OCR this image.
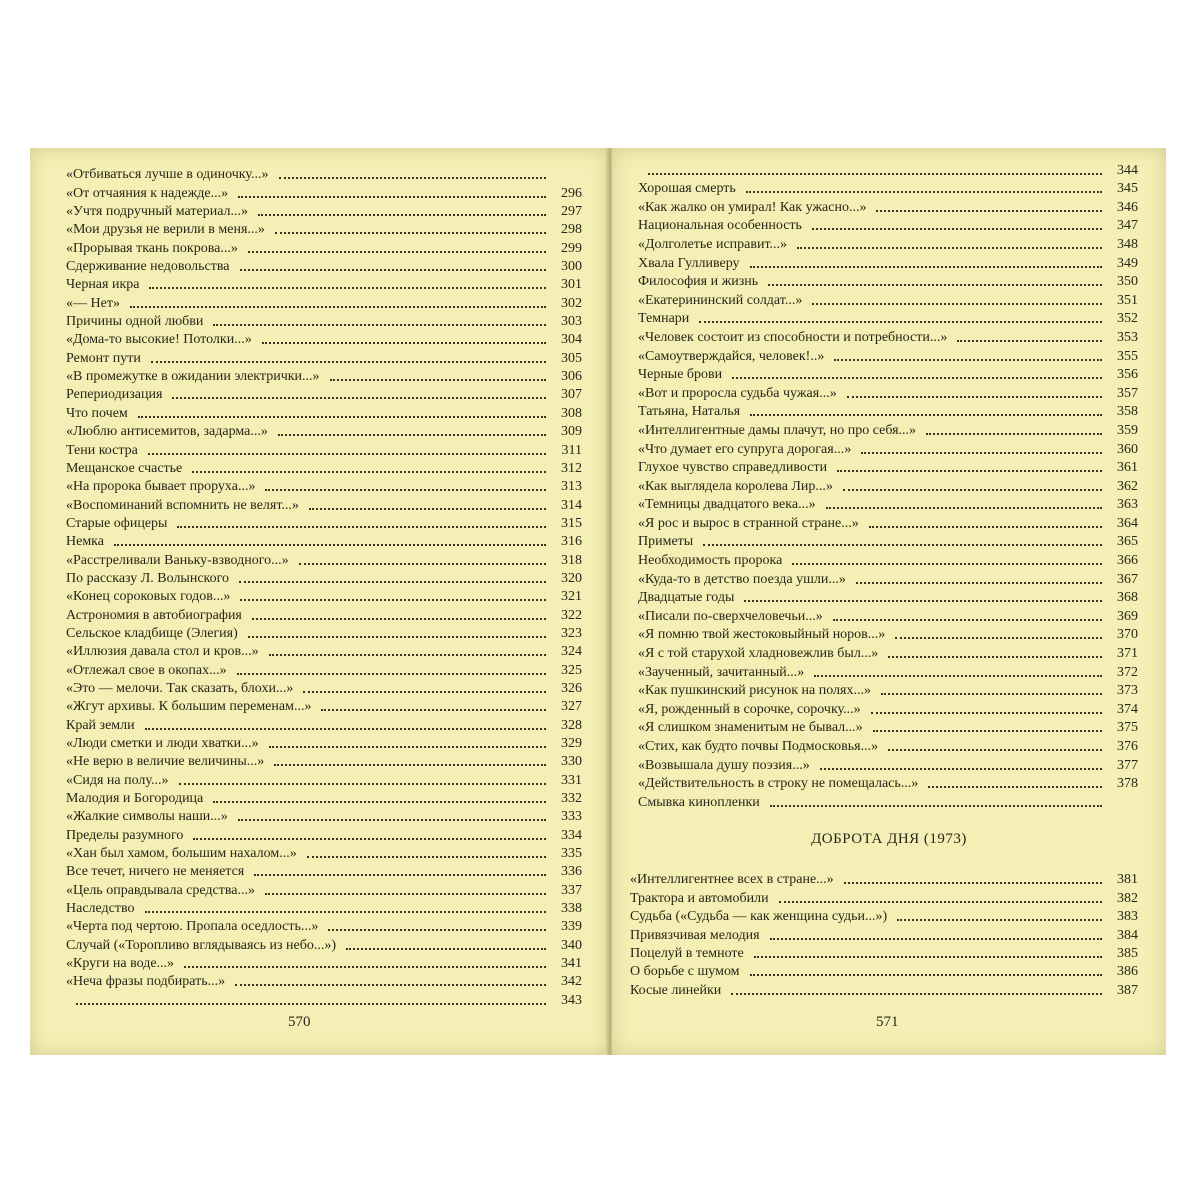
«Отбиваться лучше в одиночку...»
«От отчаяния к надежде...»	296
«Учтя подручный материал...»	297
«Мои друзья не верили в меня...»	298
«Прорывая ткань покрова...»	299
Сдерживание недовольства	300
Черная икра	301
«— Нет»	302
Причины одной любви	303
«Дома-то высокие! Потолки...»	304
Ремонт пути	305
«В промежутке в ожидании электрички...»	306
Репериодизация	307
Что почем	308
«Люблю антисемитов, задарма...»	309
Тени костра	311
Мещанское счастье	312
«На пророка бывает проруха...»	313
«Воспоминаний вспомнить не велят...»	314
Старые офицеры	315
Немка	316
«Расстреливали Ваньку-взводного...»	318
По рассказу Л. Волынского	320
«Конец сороковых годов...»	321
Астрономия в автобиография	322
Сельское кладбище (Элегия)	323
«Иллюзия давала стол и кров...»	324
«Отлежал свое в окопах...»	325
«Это — мелочи. Так сказать, блохи...»	326
«Жгут архивы. К большим переменам...»	327
Край земли	328
«Люди сметки и люди хватки...»	329
«Не верю в величие величины...»	330
«Сидя на полу...»	331
Малодия и Богородица	332
«Жалкие символы наши...»	333
Пределы разумного	334
«Хан был хамом, большим нахалом...»	335
Все течет, ничего не меняется	336
«Цель оправдывала средства...»	337
Наследство	338
«Черта под чертою. Пропала оседлость...»	339
Случай («Торопливо вглядываясь из небо...»)	340
«Круги на воде...»	341
«Неча фразы подбирать...»	342
343
570
344
Хорошая смерть	345
«Как жалко он умирал! Как ужасно...»	346
Национальная особенность	347
«Долголетье исправит...»	348
Хвала Гулливеру	349
Философия и жизнь	350
«Екатерининский солдат...»	351
Темнари	352
«Человек состоит из способности и потребности...»	353
«Самоутверждайся, человек!..»	355
Черные брови	356
«Вот и проросла судьба чужая...»	357
Татьяна, Наталья	358
«Интеллигентные дамы плачут, но про себя...»	359
«Что думает его супруга дорогая...»	360
Глухое чувство справедливости	361
«Как выглядела королева Лир...»	362
«Темницы двадцатого века...»	363
«Я рос и вырос в странной стране...»	364
Приметы	365
Необходимость пророка	366
«Куда-то в детство поезда ушли...»	367
Двадцатые годы	368
«Писали по-сверхчеловечьи...»	369
«Я помню твой жестоковыйный норов...»	370
«Я с той старухой хладновежлив был...»	371
«Заученный, зачитанный...»	372
«Как пушкинский рисунок на полях...»	373
«Я, рожденный в сорочке, сорочку...»	374
«Я слишком знаменитым не бывал...»	375
«Стих, как будто почвы Подмосковья...»	376
«Возвышала душу поэзия...»	377
«Действительность в строку не помещалась...»	378
Смывка кинопленки
ДОБРОТА ДНЯ (1973)
«Интеллигентнее всех в стране...»	381
Трактора и автомобили	382
Судьба («Судьба — как женщина судьи...»)	383
Привязчивая мелодия	384
Поцелуй в темноте	385
О борьбе с шумом	386
Косые линейки	387
571
